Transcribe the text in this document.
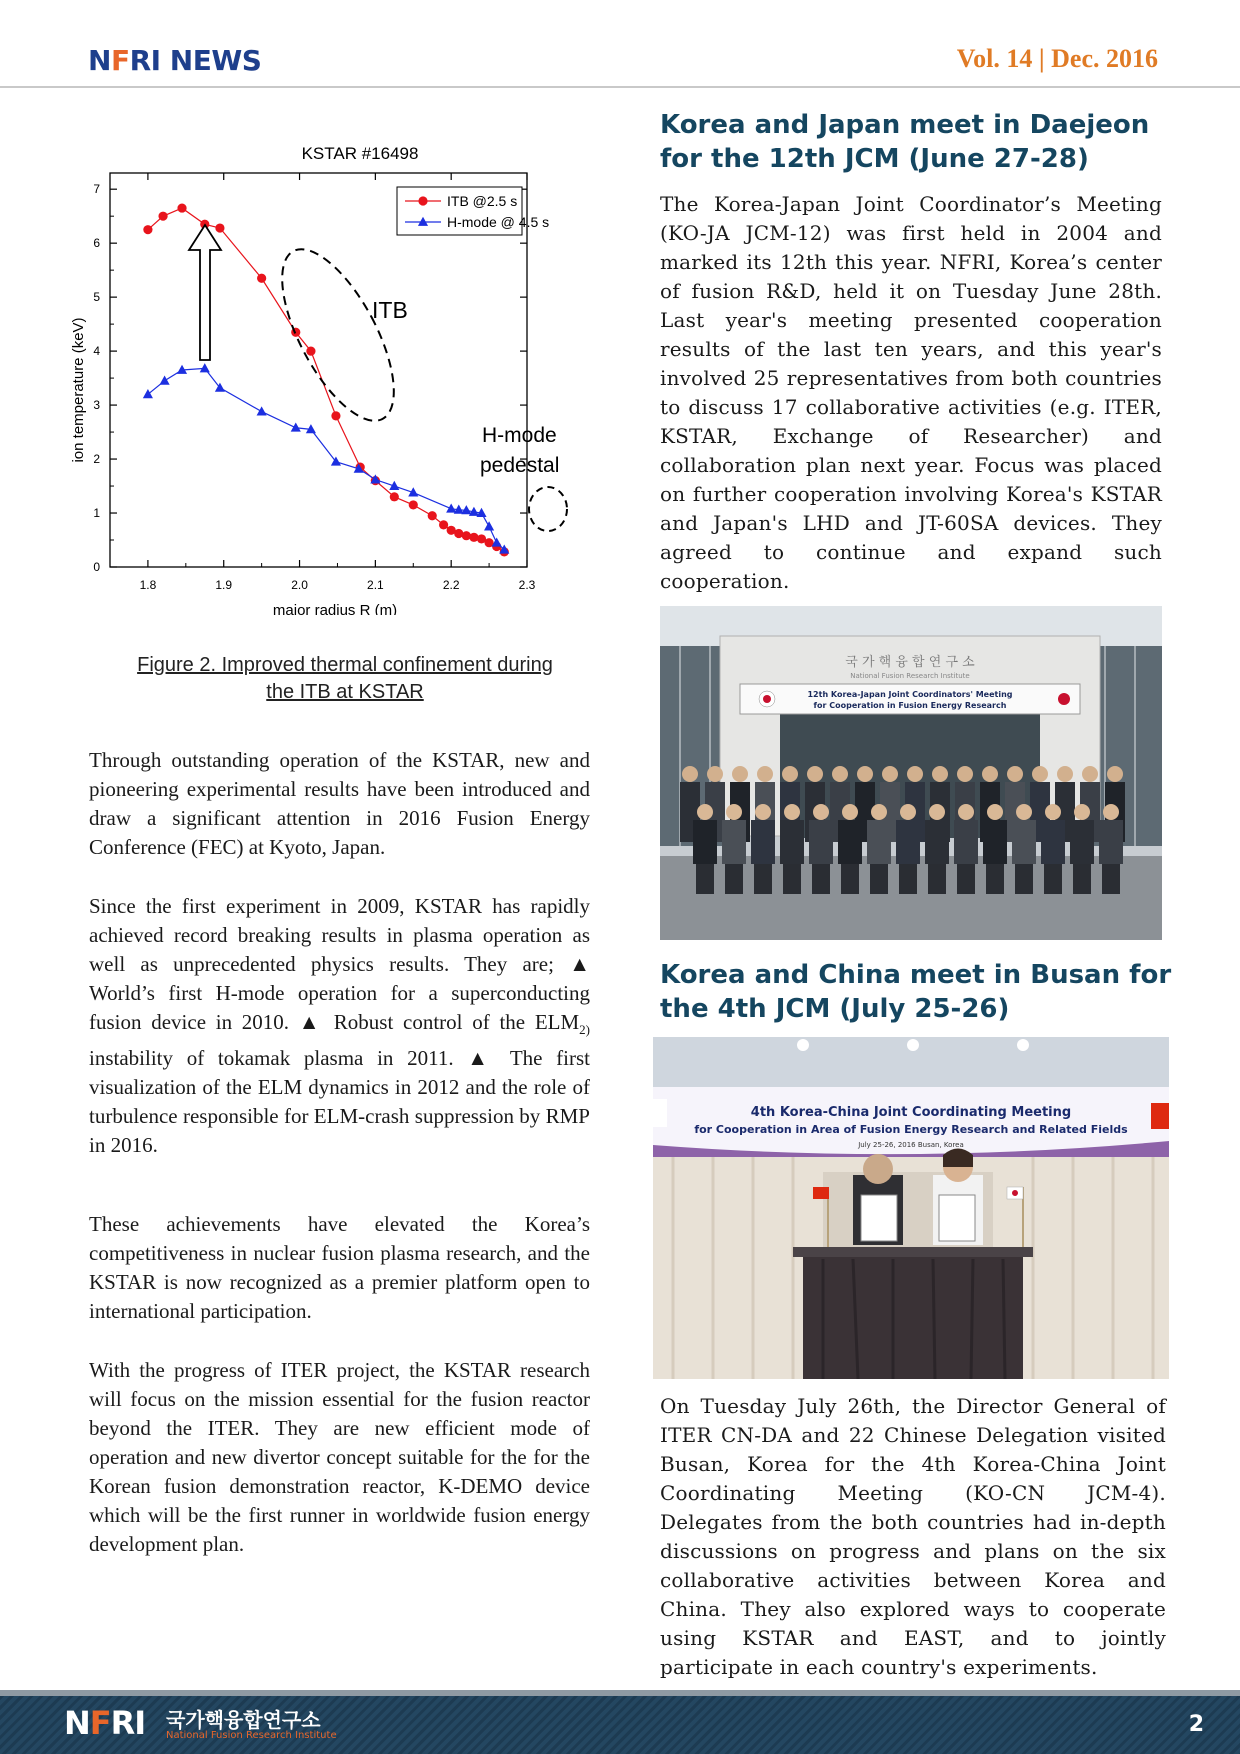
NFRI NEWS	Vol. 14 | Dec. 2016
1.8	1.9	2.0	2.1	2.2	2.3
0
1
2
3
4
5
6
7
ITB
H-mode
pedestal
ITB @2.5 s
H-mode @ 4.5 s
KSTAR #16498
major radius R (m)
ion temperature (keV)
Figure 2. Improved thermal confinement during
the ITB at KSTAR

Through outstanding operation of the KSTAR, new and pioneering experimental results have been introduced and draw a significant attention in 2016 Fusion Energy Conference (FEC) at Kyoto, Japan.

Since the first experiment in 2009, KSTAR has rapidly achieved record breaking results in plasma operation as well as unprecedented physics results. They are; ▲ World’s first H-mode operation for a superconducting fusion device in 2010. ▲ Robust control of the $ELM_{2)}$ instability of tokamak plasma in 2011. ▲ The first visualization of the ELM dynamics in 2012 and the role of turbulence responsible for ELM-crash suppression by RMP in 2016.

These achievements have elevated the Korea’s competitiveness in nuclear fusion plasma research, and the KSTAR is now recognized as a premier platform open to international participation.

With the progress of ITER project, the KSTAR research will focus on the mission essential for the fusion reactor beyond the ITER. They are new efficient mode of operation and new divertor concept suitable for the for the Korean fusion demonstration reactor, K-DEMO device which will be the first runner in worldwide fusion energy development plan.

Korea and Japan meet in Daejeon for the 12th JCM (June 27-28)

The Korea-Japan Joint Coordinator’s Meeting (KO-JA JCM-12) was first held in 2004 and marked its 12th this year. NFRI, Korea’s center of fusion R&D, held it on Tuesday June 28th. Last year's meeting presented cooperation results of the last ten years, and this year's involved 25 representatives from both countries to discuss 17 collaborative activities (e.g. ITER, KSTAR, Exchange of Researcher) and collaboration plan next year. Focus was placed on further cooperation involving Korea's KSTAR and Japan's LHD and JT-60SA devices. They agreed to continue and expand such cooperation.

국 가 핵 융 합 연 구 소
National Fusion Research Institute
12th Korea-Japan Joint Coordinators' Meeting
for Cooperation in Fusion Energy Research
Korea and China meet in Busan for the 4th JCM (July 25-26)
4th Korea-China Joint Coordinating Meeting
for Cooperation in Area of Fusion Energy Research and Related Fields
July 25-26, 2016 Busan, Korea

On Tuesday July 26th, the Director General of ITER CN-DA and 22 Chinese Delegation visited Busan, Korea for the 4th Korea-China Joint Coordinating Meeting (KO-CN JCM-4). Delegates from the both countries had in-depth discussions on progress and plans on the six collaborative activities between Korea and China. They also explored ways to cooperate using KSTAR and EAST, and to jointly participate in each country's experiments.

NFRI 국가핵융합연구소
National Fusion Research Institute	2
